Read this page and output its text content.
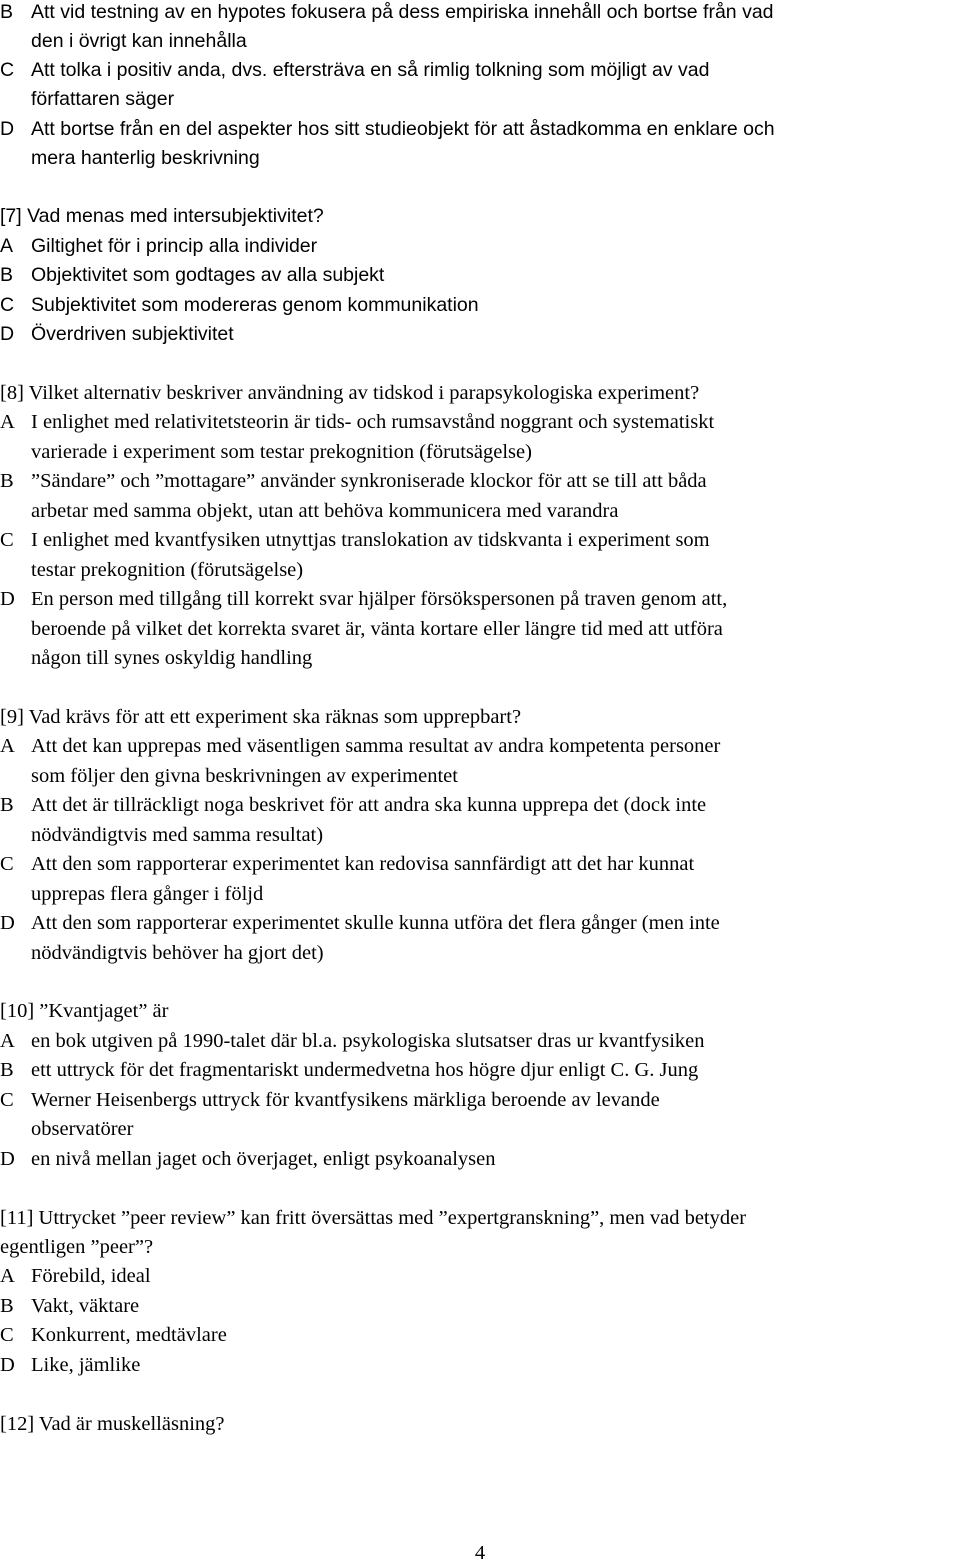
B Att vid testning av en hypotes fokusera på dess empiriska innehåll och bortse från vad
den i övrigt kan innehålla
C Att tolka i positiv anda, dvs. eftersträva en så rimlig tolkning som möjligt av vad
författaren säger
D Att bortse från en del aspekter hos sitt studieobjekt för att åstadkomma en enklare och
mera hanterlig beskrivning
[7] Vad menas med intersubjektivitet?
A Giltighet för i princip alla individer
B Objektivitet som godtages av alla subjekt
C Subjektivitet som modereras genom kommunikation
D Överdriven subjektivitet
[8] Vilket alternativ beskriver användning av tidskod i parapsykologiska experiment?
A I enlighet med relativitetsteorin är tids- och rumsavstånd noggrant och systematiskt
varierade i experiment som testar prekognition (förutsägelse)
B ”Sändare” och ”mottagare” använder synkroniserade klockor för att se till att båda
arbetar med samma objekt, utan att behöva kommunicera med varandra
C I enlighet med kvantfysiken utnyttjas translokation av tidskvanta i experiment som
testar prekognition (förutsägelse)
D En person med tillgång till korrekt svar hjälper försökspersonen på traven genom att,
beroende på vilket det korrekta svaret är, vänta kortare eller längre tid med att utföra
någon till synes oskyldig handling
[9] Vad krävs för att ett experiment ska räknas som upprepbart?
A Att det kan upprepas med väsentligen samma resultat av andra kompetenta personer
som följer den givna beskrivningen av experimentet
B Att det är tillräckligt noga beskrivet för att andra ska kunna upprepa det (dock inte
nödvändigtvis med samma resultat)
C Att den som rapporterar experimentet kan redovisa sannfärdigt att det har kunnat
upprepas flera gånger i följd
D Att den som rapporterar experimentet skulle kunna utföra det flera gånger (men inte
nödvändigtvis behöver ha gjort det)
[10] ”Kvantjaget” är
A en bok utgiven på 1990-talet där bl.a. psykologiska slutsatser dras ur kvantfysiken
B ett uttryck för det fragmentariskt undermedvetna hos högre djur enligt C. G. Jung
C Werner Heisenbergs uttryck för kvantfysikens märkliga beroende av levande
observatörer
D en nivå mellan jaget och överjaget, enligt psykoanalysen
[11] Uttrycket ”peer review” kan fritt översättas med ”expertgranskning”, men vad betyder
egentligen ”peer”?
A Förebild, ideal
B Vakt, väktare
C Konkurrent, medtävlare
D Like, jämlike
[12] Vad är muskelläsning?
4
